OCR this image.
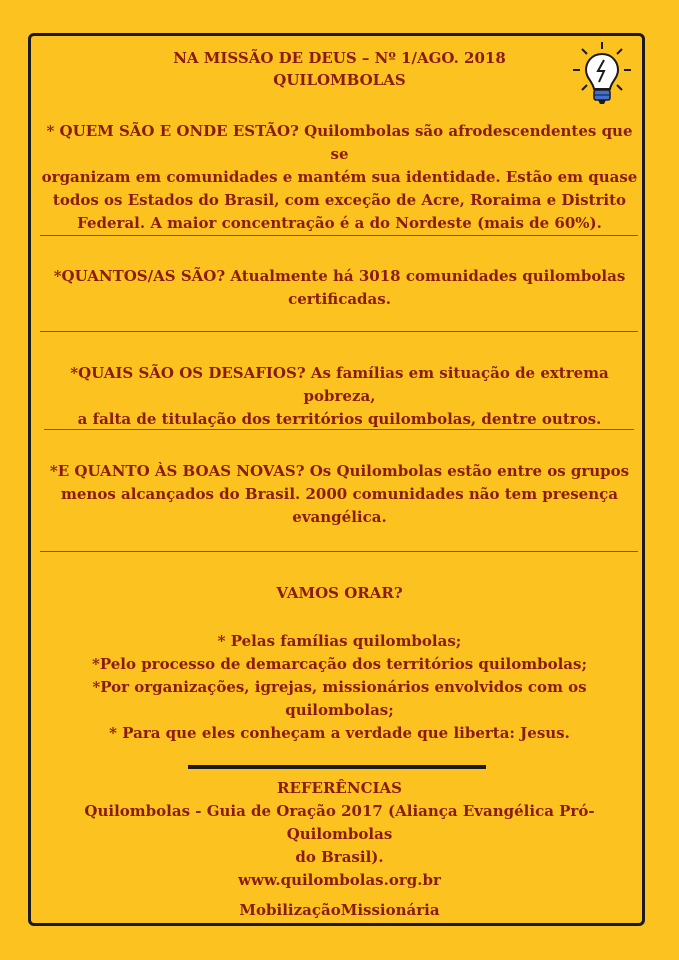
NA MISSÃO DE DEUS – Nº 1/AGO. 2018
QUILOMBOLAS
* QUEM SÃO E ONDE ESTÃO? Quilombolas são afrodescendentes que se
organizam em comunidades e mantém sua identidade. Estão em quase
todos os Estados do Brasil, com exceção de Acre, Roraima e Distrito
Federal. A maior concentração é a do Nordeste (mais de 60%).
*QUANTOS/AS SÃO? Atualmente há 3018 comunidades quilombolas
certificadas.
*QUAIS SÃO OS DESAFIOS? As famílias em situação de extrema pobreza,
a falta de titulação dos territórios quilombolas, dentre outros.
*E QUANTO ÀS BOAS NOVAS? Os Quilombolas estão entre os grupos
menos alcançados do Brasil. 2000 comunidades não tem presença
evangélica.
VAMOS ORAR?
* Pelas famílias quilombolas;
*Pelo processo de demarcação dos territórios quilombolas;
*Por organizações, igrejas, missionários envolvidos com os quilombolas;
* Para que eles conheçam a verdade que liberta: Jesus.
REFERÊNCIAS
Quilombolas - Guia de Oração 2017 (Aliança Evangélica Pró-Quilombolas
do Brasil).
www.quilombolas.org.br
MobilizaçãoMissionária
